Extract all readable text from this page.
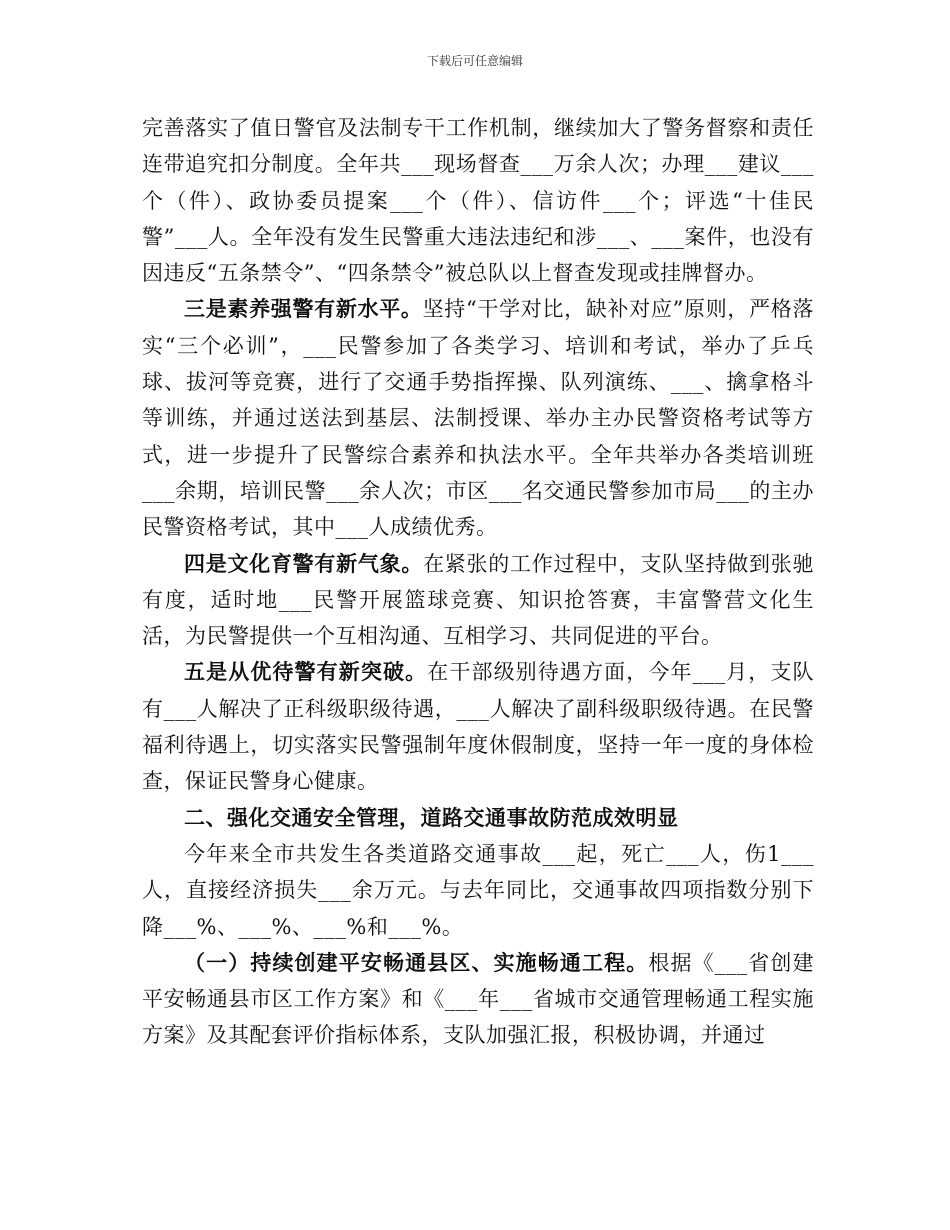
下载后可任意编辑

完善落实了值日警官及法制专干工作机制，继续加大了警务督察和责任连带追究扣分制度。全年共___现场督查___万余人次；办理___建议___个（件）、政协委员提案___个（件）、信访件___个；评选“十佳民警”___人。全年没有发生民警重大违法违纪和涉___、___案件，也没有因违反“五条禁令”、“四条禁令”被总队以上督查发现或挂牌督办。

三是素养强警有新水平。坚持“干学对比，缺补对应”原则，严格落实“三个必训”，___民警参加了各类学习、培训和考试，举办了乒乓球、拔河等竞赛，进行了交通手势指挥操、队列演练、___、擒拿格斗等训练，并通过送法到基层、法制授课、举办主办民警资格考试等方式，进一步提升了民警综合素养和执法水平。全年共举办各类培训班___余期，培训民警___余人次；市区___名交通民警参加市局___的主办民警资格考试，其中___人成绩优秀。

四是文化育警有新气象。在紧张的工作过程中，支队坚持做到张驰有度，适时地___民警开展篮球竞赛、知识抢答赛，丰富警营文化生活，为民警提供一个互相沟通、互相学习、共同促进的平台。

五是从优待警有新突破。在干部级别待遇方面，今年___月，支队有___人解决了正科级职级待遇，___人解决了副科级职级待遇。在民警福利待遇上，切实落实民警强制年度休假制度，坚持一年一度的身体检查，保证民警身心健康。

二、强化交通安全管理，道路交通事故防范成效明显

今年来全市共发生各类道路交通事故___起，死亡___人，伤1___人，直接经济损失___余万元。与去年同比，交通事故四项指数分别下降___%、___%、___%和___%。

（一）持续创建平安畅通县区、实施畅通工程。根据《___省创建平安畅通县市区工作方案》和《___年___省城市交通管理畅通工程实施方案》及其配套评价指标体系，支队加强汇报，积极协调，并通过
